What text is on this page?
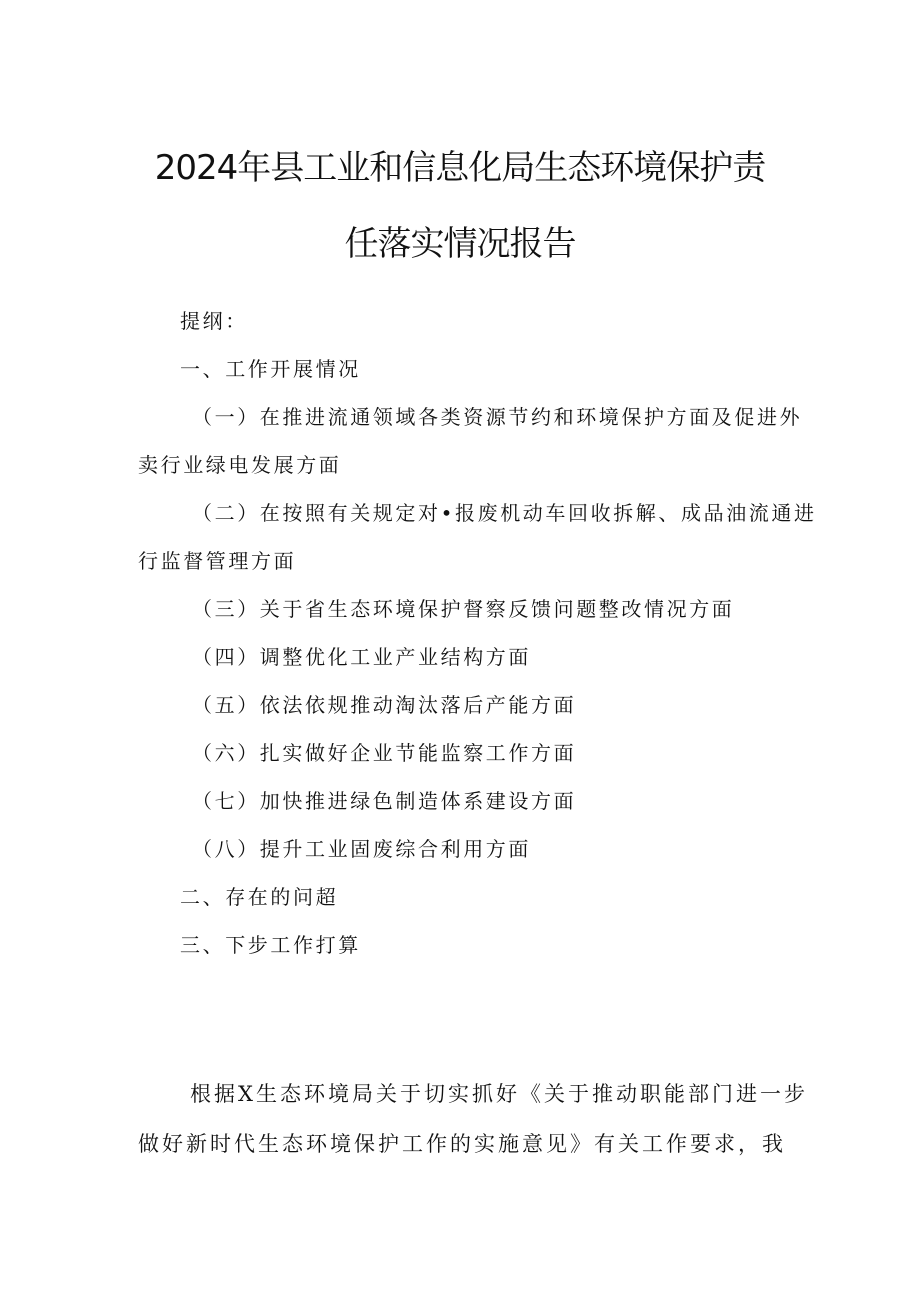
2024年县工业和信息化局生态环境保护责
任落实情况报告
提纲：
一、工作开展情况
（一）在推进流通领域各类资源节约和环境保护方面及促进外
卖行业绿电发展方面
（二）在按照有关规定对•报废机动车回收拆解、成品油流通进
行监督管理方面
（三）关于省生态环境保护督察反馈问题整改情况方面
（四）调整优化工业产业结构方面
（五）依法依规推动淘汰落后产能方面
（六）扎实做好企业节能监察工作方面
（七）加快推进绿色制造体系建设方面
（八）提升工业固废综合利用方面
二、存在的问超
三、下步工作打算
根据X生态环境局关于切实抓好《关于推动职能部门进一步
做好新时代生态环境保护工作的实施意见》有关工作要求，我
